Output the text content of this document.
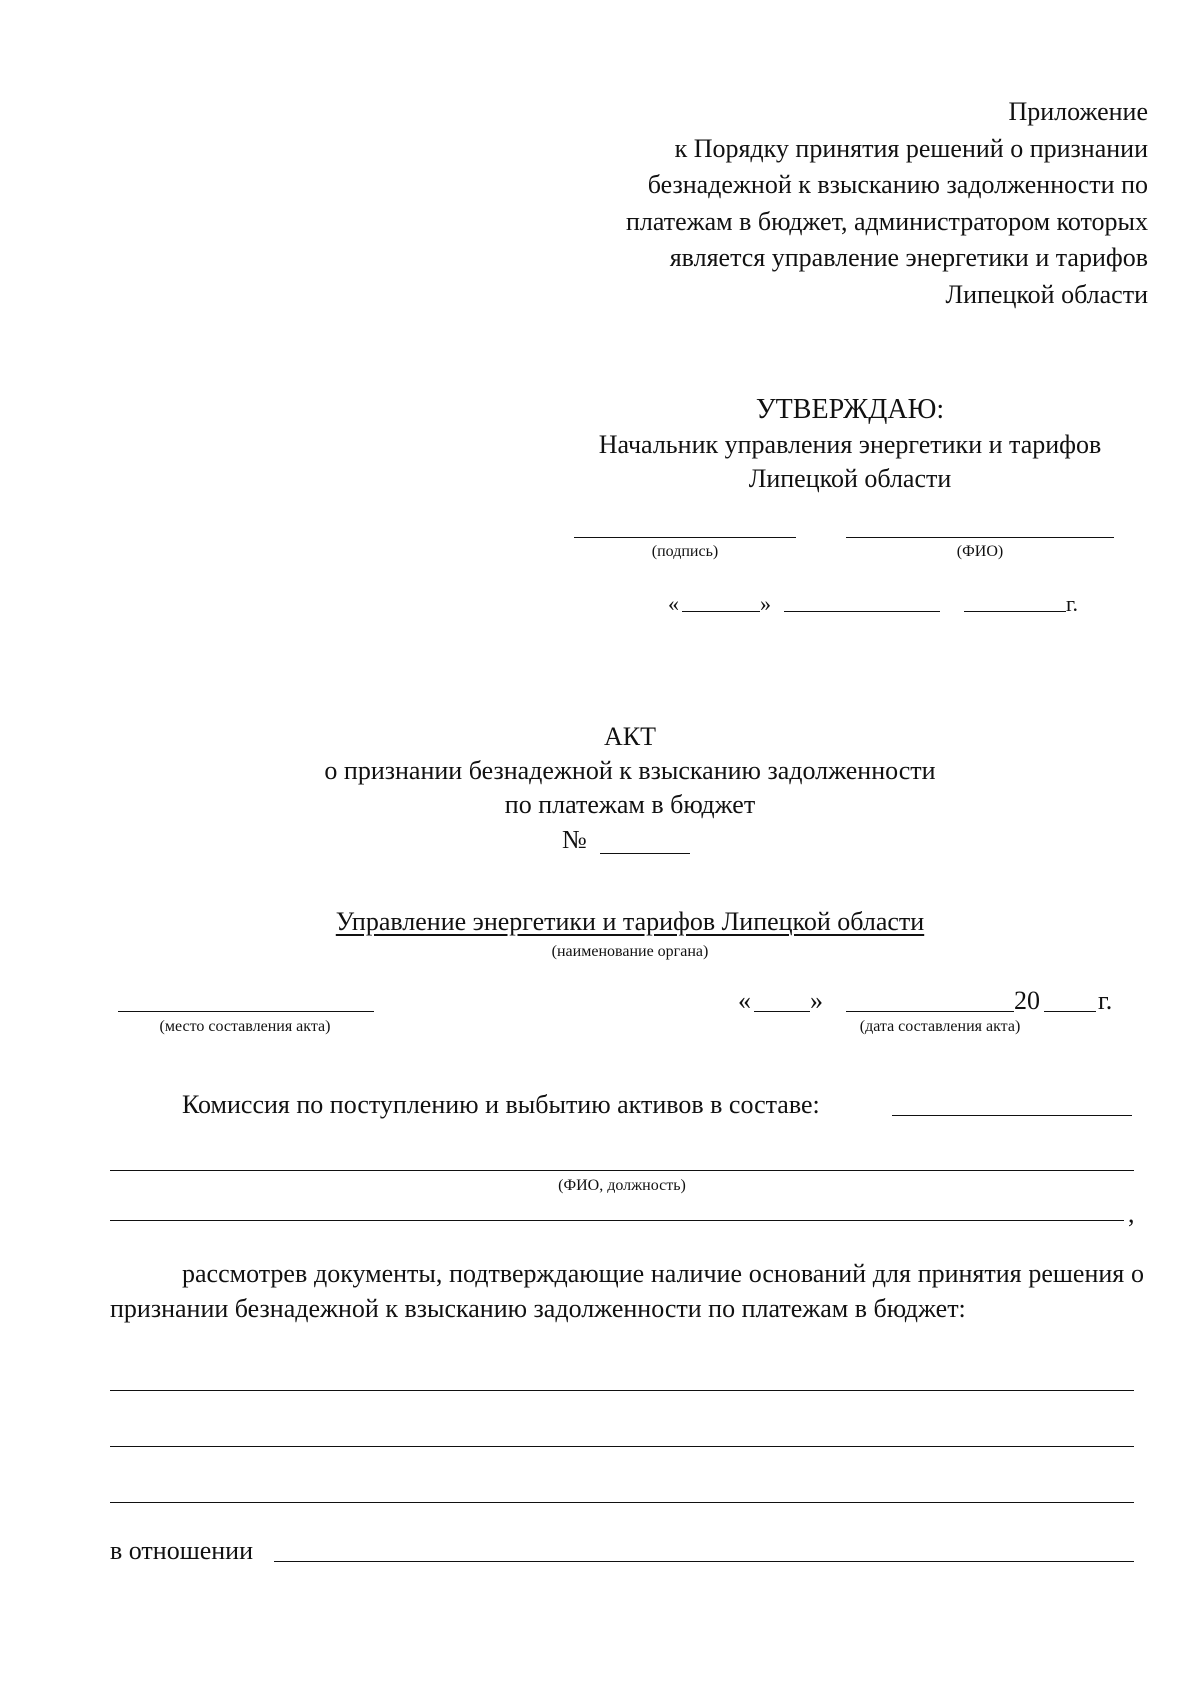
Приложение
к Порядку принятия решений о признании
безнадежной к взысканию задолженности по
платежам в бюджет, администратором которых
является управление энергетики и тарифов
Липецкой области
УТВЕРЖДАЮ:
Начальник управления энергетики и тарифов
Липецкой области
(подпись)	(ФИО)
«	»	г.
АКТ
о признании безнадежной к взысканию задолженности
по платежам в бюджет
№
Управление энергетики и тарифов Липецкой области
(наименование органа)
(место составления акта)
« »	20 г.
(дата составления акта)
Комиссия по поступлению и выбытию активов в составе:
(ФИО, должность)
,
рассмотрев документы, подтверждающие наличие оснований для принятия решения о признании безнадежной к взысканию задолженности по платежам в бюджет:
в отношении
